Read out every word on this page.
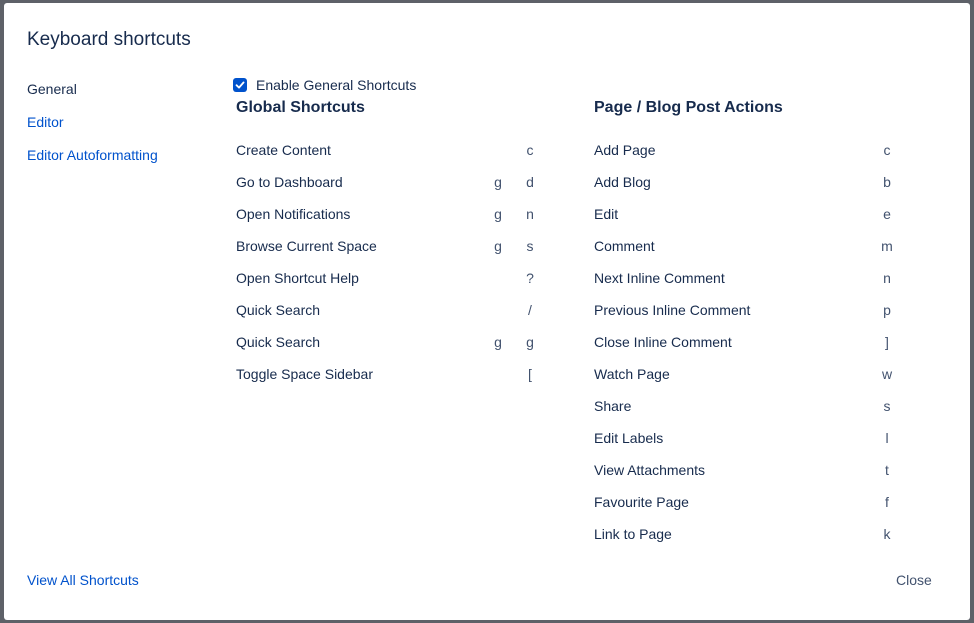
Keyboard shortcuts
General
Editor
Editor Autoformatting
Enable General Shortcuts
Global Shortcuts
Create Content	c
Go to Dashboard	g d
Open Notifications	g n
Browse Current Space	g s
Open Shortcut Help	?
Quick Search	/
Quick Search	g g
Toggle Space Sidebar	[
Page / Blog Post Actions
Add Page	c
Add Blog	b
Edit	e
Comment	m
Next Inline Comment	n
Previous Inline Comment	p
Close Inline Comment	]
Watch Page	w
Share	s
Edit Labels	l
View Attachments	t
Favourite Page	f
Link to Page	k
View All Shortcuts	Close
